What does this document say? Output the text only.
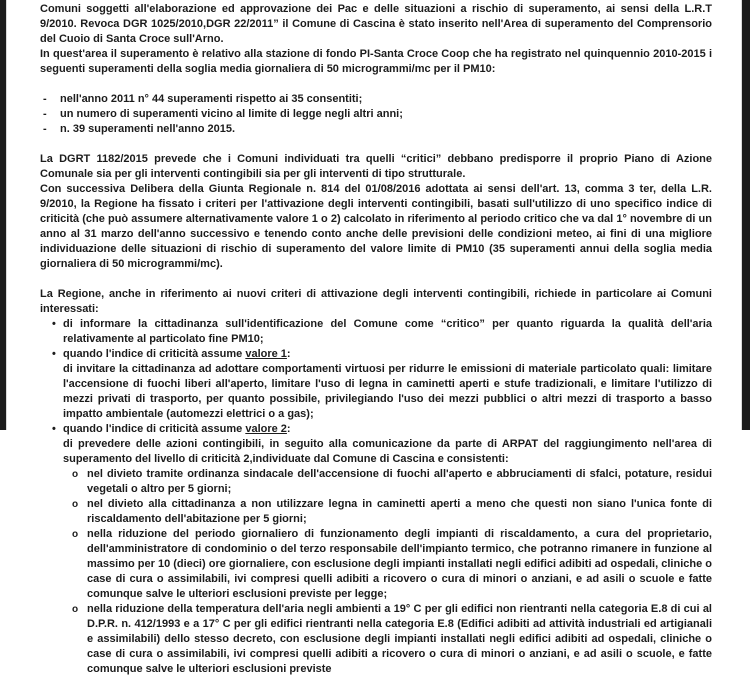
Comuni soggetti all'elaborazione ed approvazione dei Pac e delle situazioni a rischio di superamento, ai sensi della L.R.T 9/2010. Revoca DGR 1025/2010,DGR 22/2011” il Comune di Cascina è stato inserito nell'Area di superamento del Comprensorio del Cuoio di Santa Croce sull'Arno.
In quest'area il superamento è relativo alla stazione di fondo PI-Santa Croce Coop che ha registrato nel quinquennio 2010-2015 i seguenti superamenti della soglia media giornaliera di 50 microgrammi/mc per il PM10:
- nell'anno 2011 n° 44 superamenti rispetto ai 35 consentiti;
- un numero di superamenti vicino al limite di legge negli altri anni;
- n. 39 superamenti nell'anno 2015.
La DGRT 1182/2015 prevede che i Comuni individuati tra quelli “critici” debbano predisporre il proprio Piano di Azione Comunale sia per gli interventi contingibili sia per gli interventi di tipo strutturale.
Con successiva Delibera della Giunta Regionale n. 814 del 01/08/2016 adottata ai sensi dell'art. 13, comma 3 ter, della L.R. 9/2010, la Regione ha fissato i criteri per l'attivazione degli interventi contingibili, basati sull'utilizzo di uno specifico indice di criticità (che può assumere alternativamente valore 1 o 2) calcolato in riferimento al periodo critico che va dal 1° novembre di un anno al 31 marzo dell'anno successivo e tenendo conto anche delle previsioni delle condizioni meteo, ai fini di una migliore individuazione delle situazioni di rischio di superamento del valore limite di PM10 (35 superamenti annui della soglia media giornaliera di 50 microgrammi/mc).
La Regione, anche in riferimento ai nuovi criteri di attivazione degli interventi contingibili, richiede in particolare ai Comuni interessati:
• di informare la cittadinanza sull'identificazione del Comune come “critico” per quanto riguarda la qualità dell'aria relativamente al particolato fine PM10;
• quando l'indice di criticità assume valore 1:
di invitare la cittadinanza ad adottare comportamenti virtuosi per ridurre le emissioni di materiale particolato quali: limitare l'accensione di fuochi liberi all'aperto, limitare l'uso di legna in caminetti aperti e stufe tradizionali, e limitare l'utilizzo di mezzi privati di trasporto, per quanto possibile, privilegiando l'uso dei mezzi pubblici o altri mezzi di trasporto a basso impatto ambientale (automezzi elettrici o a gas);
• quando l'indice di criticità assume valore 2:
di prevedere delle azioni contingibili, in seguito alla comunicazione da parte di ARPAT del raggiungimento nell'area di superamento del livello di criticità 2,individuate dal Comune di Cascina e consistenti:
o nel divieto tramite ordinanza sindacale dell'accensione di fuochi all'aperto e abbruciamenti di sfalci, potature, residui vegetali o altro per 5 giorni;
o nel divieto alla cittadinanza a non utilizzare legna in caminetti aperti a meno che questi non siano l'unica fonte di riscaldamento dell'abitazione per 5 giorni;
o nella riduzione del periodo giornaliero di funzionamento degli impianti di riscaldamento, a cura del proprietario, dell'amministratore di condominio o del terzo responsabile dell'impianto termico, che potranno rimanere in funzione al massimo per 10 (dieci) ore giornaliere, con esclusione degli impianti installati negli edifici adibiti ad ospedali, cliniche o case di cura o assimilabili, ivi compresi quelli adibiti a ricovero o cura di minori o anziani, e ad asili o scuole e fatte comunque salve le ulteriori esclusioni previste per legge;
o nella riduzione della temperatura dell'aria negli ambienti a 19° C per gli edifici non rientranti nella categoria E.8 di cui al D.P.R. n. 412/1993 e a 17° C per gli edifici rientranti nella categoria E.8 (Edifici adibiti ad attività industriali ed artigianali e assimilabili) dello stesso decreto, con esclusione degli impianti installati negli edifici adibiti ad ospedali, cliniche o case di cura o assimilabili, ivi compresi quelli adibiti a ricovero o cura di minori o anziani, e ad asili o scuole, e fatte comunque salve le ulteriori esclusioni previste
